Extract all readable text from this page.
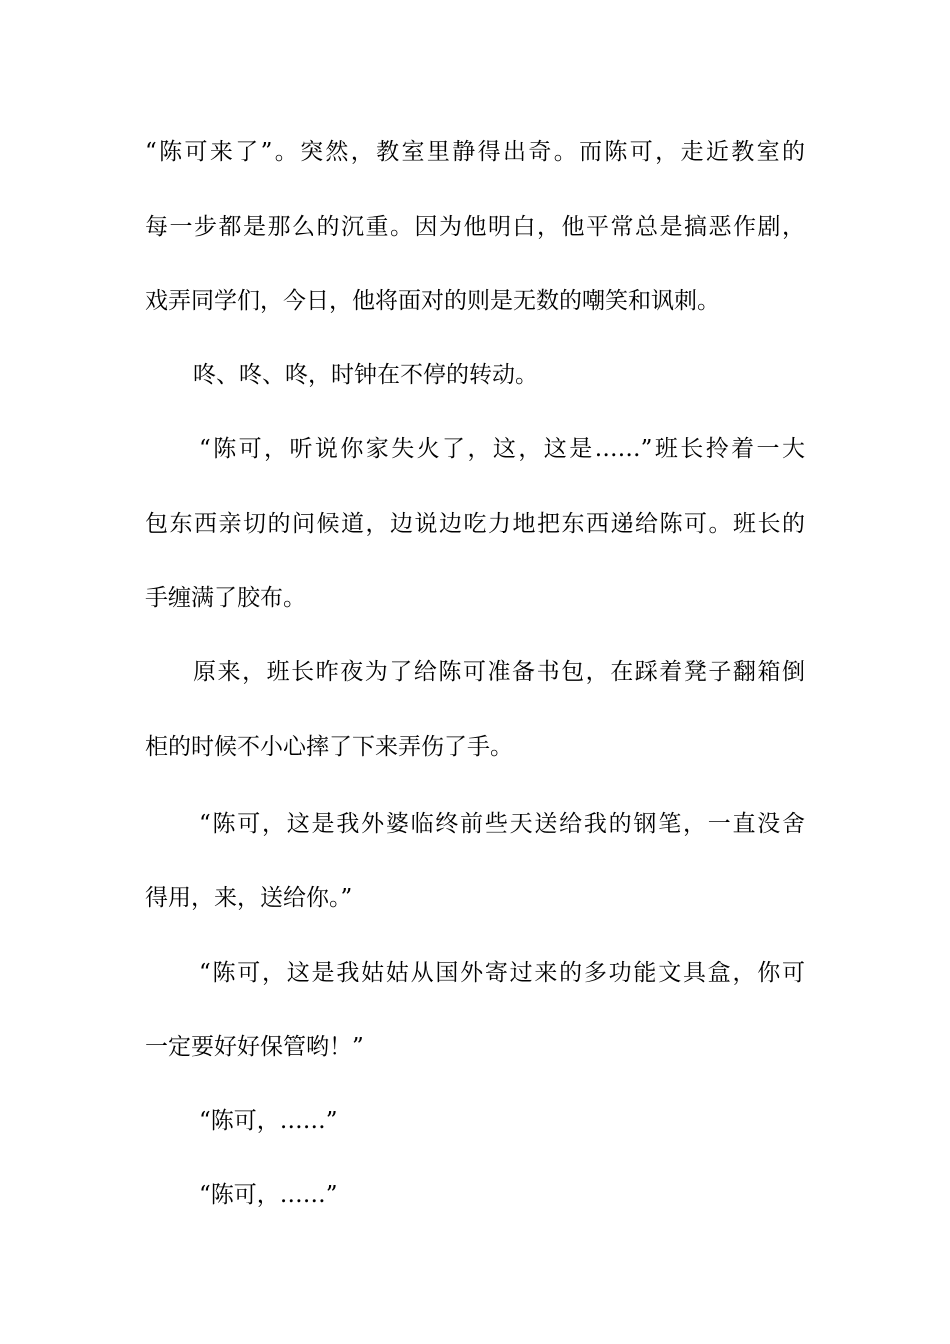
“陈可来了”。突然，教室里静得出奇。而陈可，走近教室的
每一步都是那么的沉重。因为他明白，他平常总是搞恶作剧，
戏弄同学们，今日，他将面对的则是无数的嘲笑和讽刺。
咚、咚、咚，时钟在不停的转动。
“陈可，听说你家失火了，这，这是……”班长拎着一大
包东西亲切的问候道，边说边吃力地把东西递给陈可。班长的
手缠满了胶布。
原来，班长昨夜为了给陈可准备书包，在踩着凳子翻箱倒
柜的时候不小心摔了下来弄伤了手。
“陈可，这是我外婆临终前些天送给我的钢笔，一直没舍
得用，来，送给你。”
“陈可，这是我姑姑从国外寄过来的多功能文具盒，你可
一定要好好保管哟！”
“陈可，……”
“陈可，……”
